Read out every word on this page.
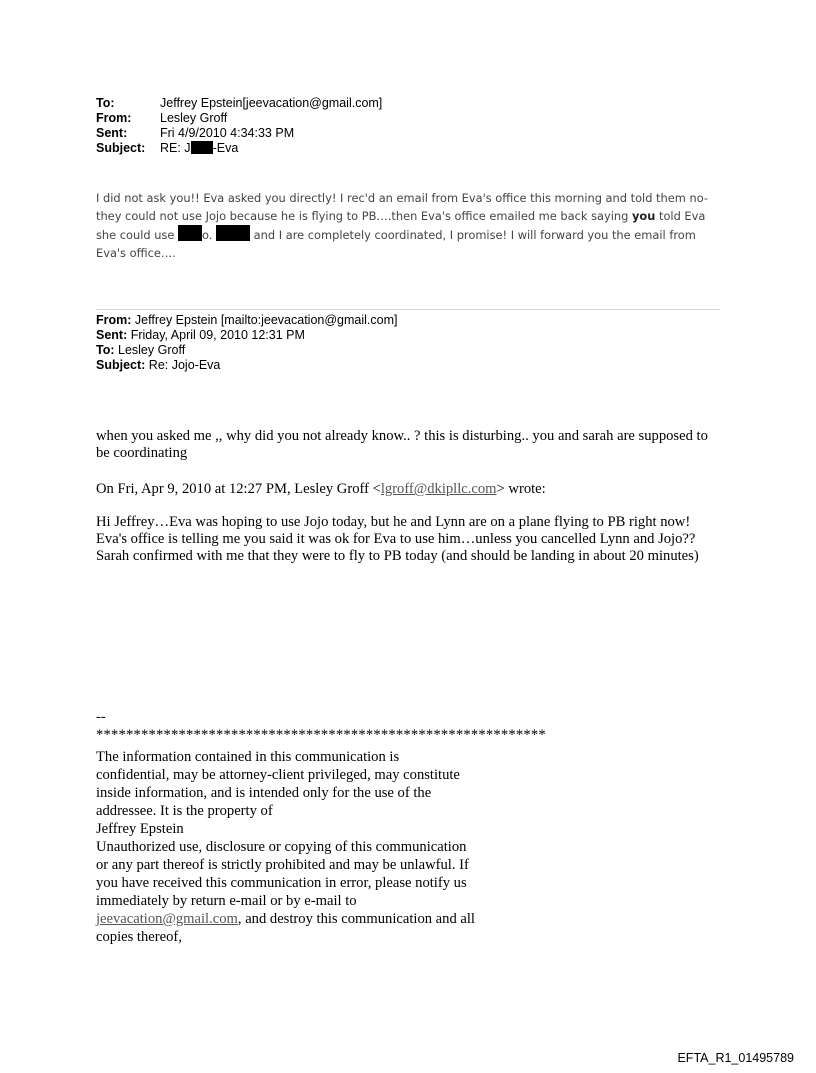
To:	Jeffrey Epstein[jeevacation@gmail.com]
From:	Lesley Groff
Sent:	Fri 4/9/2010 4:34:33 PM
Subject:	RE: J -Eva
I did not ask you!! Eva asked you directly! I rec'd an email from Eva's office this morning and told them no-they could not use Jojo because he is flying to PB….then Eva's office emailed me back saying you told Eva she could use o.	and I are completely coordinated, I promise! I will forward you the email from Eva's office….
From: Jeffrey Epstein [mailto:jeevacation@gmail.com]
Sent: Friday, April 09, 2010 12:31 PM
To: Lesley Groff
Subject: Re: Jojo-Eva
when you asked me ,, why did you not already know.. ? this is disturbing.. you and sarah are supposed to be coordinating
On Fri, Apr 9, 2010 at 12:27 PM, Lesley Groff <lgroff@dkipllc.com> wrote:
Hi Jeffrey…Eva was hoping to use Jojo today, but he and Lynn are on a plane flying to PB right now! Eva's office is telling me you said it was ok for Eva to use him…unless you cancelled Lynn and Jojo?? Sarah confirmed with me that they were to fly to PB today (and should be landing in about 20 minutes)
--
************************************************************
The information contained in this communication is confidential, may be attorney-client privileged, may constitute inside information, and is intended only for the use of the addressee. It is the property of
Jeffrey Epstein
Unauthorized use, disclosure or copying of this communication or any part thereof is strictly prohibited and may be unlawful. If you have received this communication in error, please notify us immediately by return e-mail or by e-mail to jeevacation@gmail.com, and destroy this communication and all copies thereof,
EFTA_R1_01495789
